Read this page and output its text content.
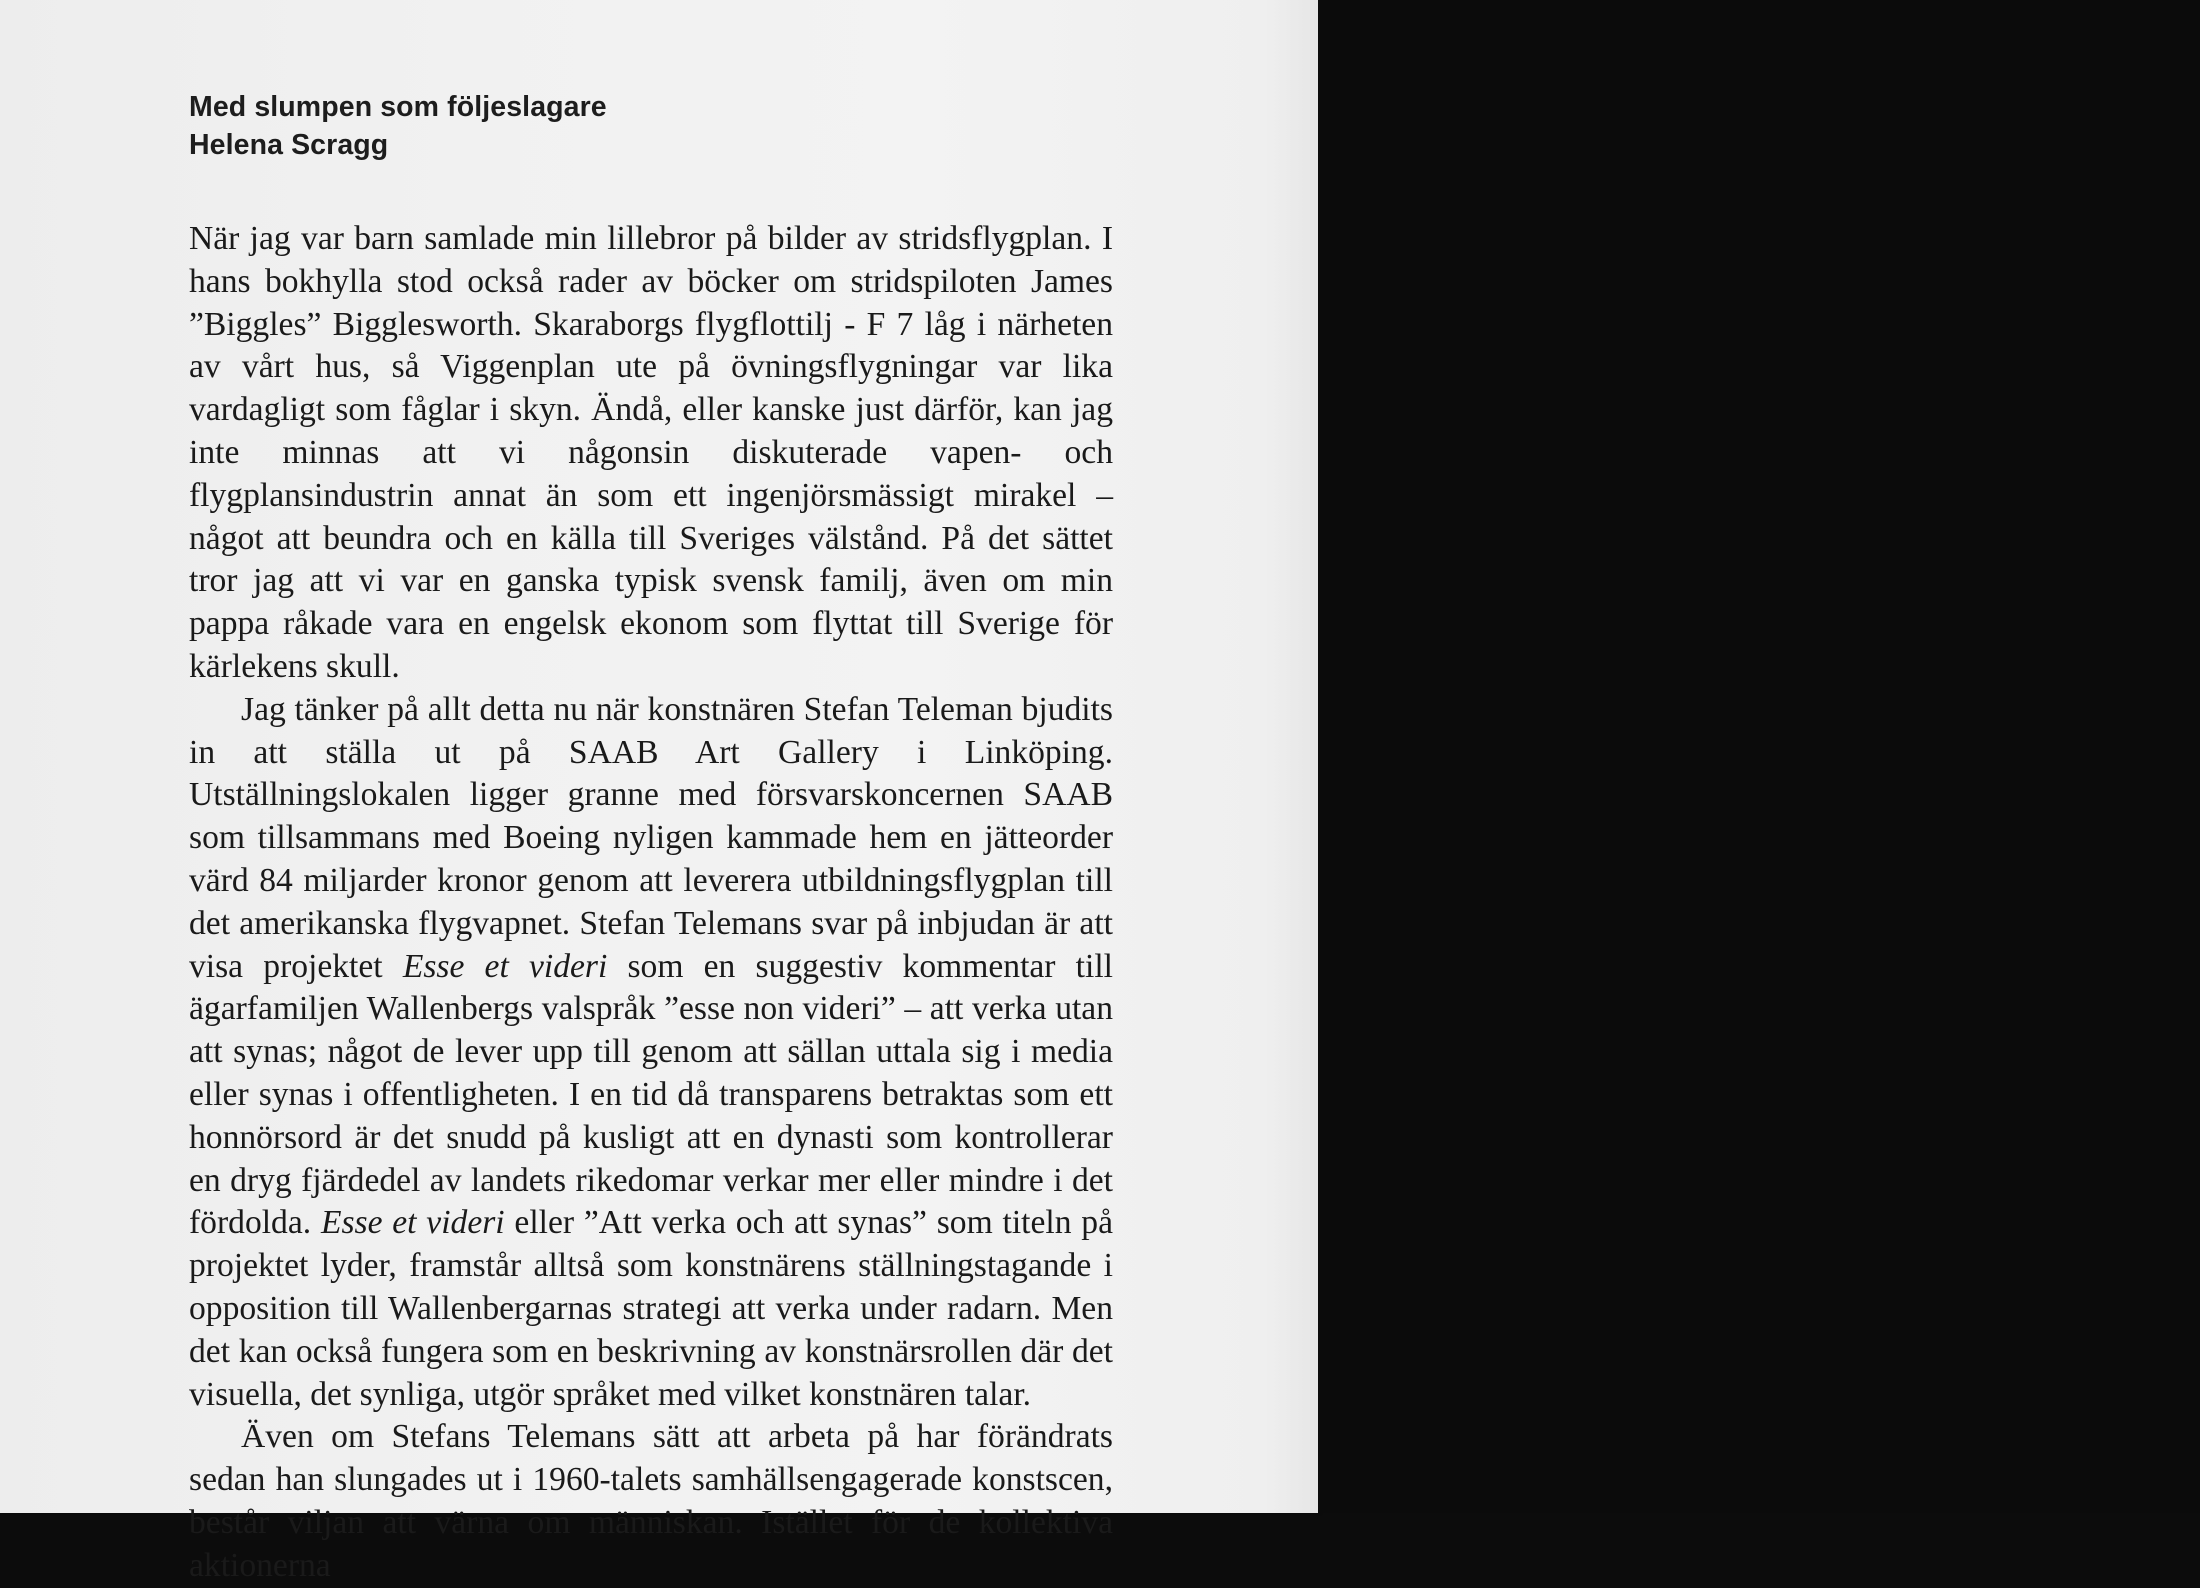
Med slumpen som följeslagare
Helena Scragg

När jag var barn samlade min lillebror på bilder av stridsflygplan. I hans bokhylla stod också rader av böcker om stridspiloten James ”Biggles” Bigglesworth. Skaraborgs flygflottilj - F 7 låg i närheten av vårt hus, så Viggenplan ute på övningsflygningar var lika vardagligt som fåglar i skyn. Ändå, eller kanske just därför, kan jag inte minnas att vi någonsin diskuterade vapen- och flygplansindustrin annat än som ett ingenjörsmässigt mirakel – något att beundra och en källa till Sveriges välstånd. På det sättet tror jag att vi var en ganska typisk svensk familj, även om min pappa råkade vara en engelsk ekonom som flyttat till Sverige för kärlekens skull.

Jag tänker på allt detta nu när konstnären Stefan Teleman bjudits in att ställa ut på SAAB Art Gallery i Linköping. Utställningslokalen ligger granne med försvarskoncernen SAAB som tillsammans med Boeing nyligen kammade hem en jätteorder värd 84 miljarder kronor genom att leverera utbildningsflygplan till det amerikanska flygvapnet. Stefan Telemans svar på inbjudan är att visa projektet Esse et videri som en suggestiv kommentar till ägarfamiljen Wallenbergs valspråk ”esse non videri” – att verka utan att synas; något de lever upp till genom att sällan uttala sig i media eller synas i offentligheten. I en tid då transparens betraktas som ett honnörsord är det snudd på kusligt att en dynasti som kontrollerar en dryg fjärdedel av landets rikedomar verkar mer eller mindre i det fördolda. Esse et videri eller ”Att verka och att synas” som titeln på projektet lyder, framstår alltså som konstnärens ställningstagande i opposition till Wallenbergarnas strategi att verka under radarn. Men det kan också fungera som en beskrivning av konstnärsrollen där det visuella, det synliga, utgör språket med vilket konstnären talar.

Även om Stefans Telemans sätt att arbeta på har förändrats sedan han slungades ut i 1960-talets samhällsengagerade konstscen, består viljan att värna om människan. Istället för de kollektiva aktionerna
